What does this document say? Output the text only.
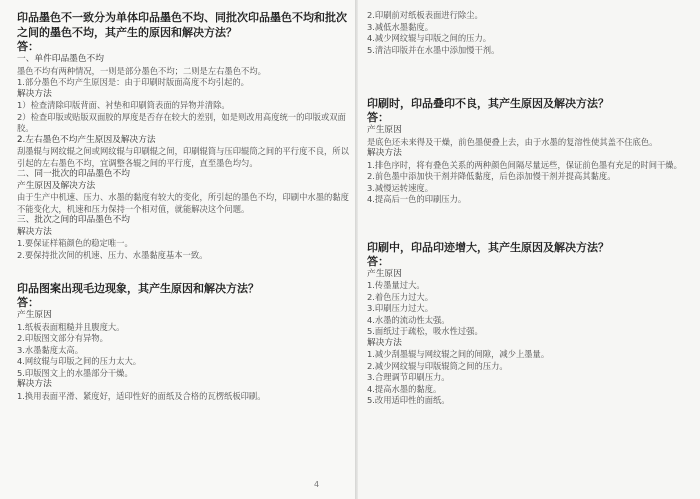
印品墨色不一致分为单体印品墨色不均、同批次印品墨色不均和批次之间的墨色不均，其产生的原因和解决方法？

答：
一、单件印品墨色不均
墨色不均有两种情况，一则是部分墨色不均；二则是左右墨色不均。
1.部分墨色不均产生原因是：由于印刷时版面高度不均引起的。
解决方法
1）检查清除印版背面、衬垫和印刷筒表面的异物并清除。
2）检查印版或贴版双面胶的厚度是否存在较大的差别，如是则改用高度统一的印版或双面胶。
2.左右墨色不均产生原因及解决方法
刮墨辊与网纹辊之间或网纹辊与印刷辊之间，印刷辊筒与压印辊筒之间的平行度不良，所以引起的左右墨色不均，宜调整各辊之间的平行度，直至墨色均匀。
二、同一批次的印品墨色不均
产生原因及解决方法
由于生产中机速、压力、水墨的黏度有较大的变化，所引起的墨色不均，印刷中水墨的黏度不能变化大，机速和压力保持一个相对值，就能解决这个问题。
三、批次之间的印品墨色不均
解决方法
1.要保证样箱颜色的稳定唯一。
2.要保持批次间的机速、压力、水墨黏度基本一致。

印品图案出现毛边现象，其产生原因和解决方法？

答：
产生原因
1.纸板表面粗糙并且腹度大。
2.印版图文部分有异物。
3.水墨黏度太高。
4.网纹辊与印版之间的压力太大。
5.印版图文上的水墨部分干燥。
解决方法
1.换用表面平滑、紧度好，适印性好的面纸及合格的瓦楞纸板印刷。
4
2.印刷前对纸板表面进行除尘。
3.减低水墨黏度。
4.减少网纹辊与印版之间的压力。
5.清洁印版并在水墨中添加慢干剂。

印刷时，印品叠印不良，其产生原因及解决方法？

答：
产生原因
是底色还未来得及干燥，前色墨便叠上去，由于水墨的复溶性使其盖不住底色。
解决方法
1.排色序时，将有叠色关系的两种颜色间隔尽量远些，保证前色墨有充足的时间干燥。
2.前色墨中添加快干剂并降低黏度，后色添加慢干剂并提高其黏度。
3.减慢运转速度。
4.提高后一色的印刷压力。

印刷中，印品印迹增大，其产生原因及解决方法？

答：
产生原因
1.传墨量过大。
2.着色压力过大。
3.印刷压力过大。
4.水墨的流动性太强。
5.面纸过于疏松，吸水性过强。
解决方法
1.减少刮墨辊与网纹辊之间的间隙，减少上墨量。
2.减少网纹辊与印版辊筒之间的压力。
3.合理调节印刷压力。
4.提高水墨的黏度。
5.改用适印性的面纸。
